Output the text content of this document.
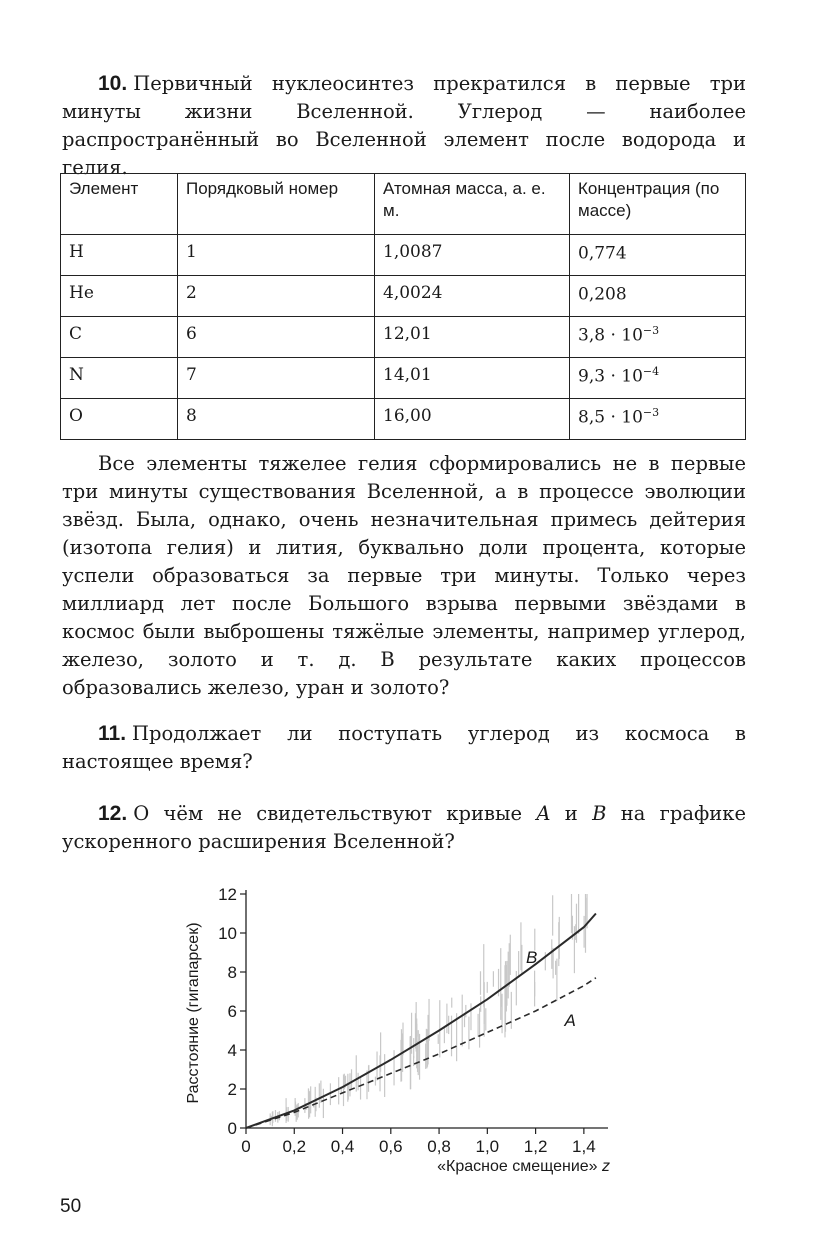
10. Первичный нуклеосинтез прекратился в первые три минуты жизни Вселенной. Углерод — наиболее распространённый во Вселенной элемент после водорода и гелия.

Элемент	Порядковый номер	Атомная масса, а. е. м.	Концентрация (по массе)
H	1	1,0087	0,774
He	2	4,0024	0,208
C	6	12,01	$3,8 \cdot 10^{-3}$
N	7	14,01	$9,3 \cdot 10^{-4}$
O	8	16,00	$8,5 \cdot 10^{-3}$

Все элементы тяжелее гелия сформировались не в первые три минуты существования Вселенной, а в процессе эволюции звёзд. Была, однако, очень незначительная примесь дейтерия (изотопа гелия) и лития, буквально доли процента, которые успели образоваться за первые три минуты. Только через миллиард лет после Большого взрыва первыми звёздами в космос были выброшены тяжёлые элементы, например углерод, железо, золото и т. д. В результате каких процессов образовались железо, уран и золото?

11. Продолжает ли поступать углерод из космоса в настоящее время?

12. О чём не свидетельствуют кривые A и B на графике ускоренного расширения Вселенной?

0 0,2 0,4 0,6 0,8 1,0 1,2 1,4
0
2
4
6
8
10
12
B
A
Расстояние (гигапарсек)
«Красное смещение» z
50
